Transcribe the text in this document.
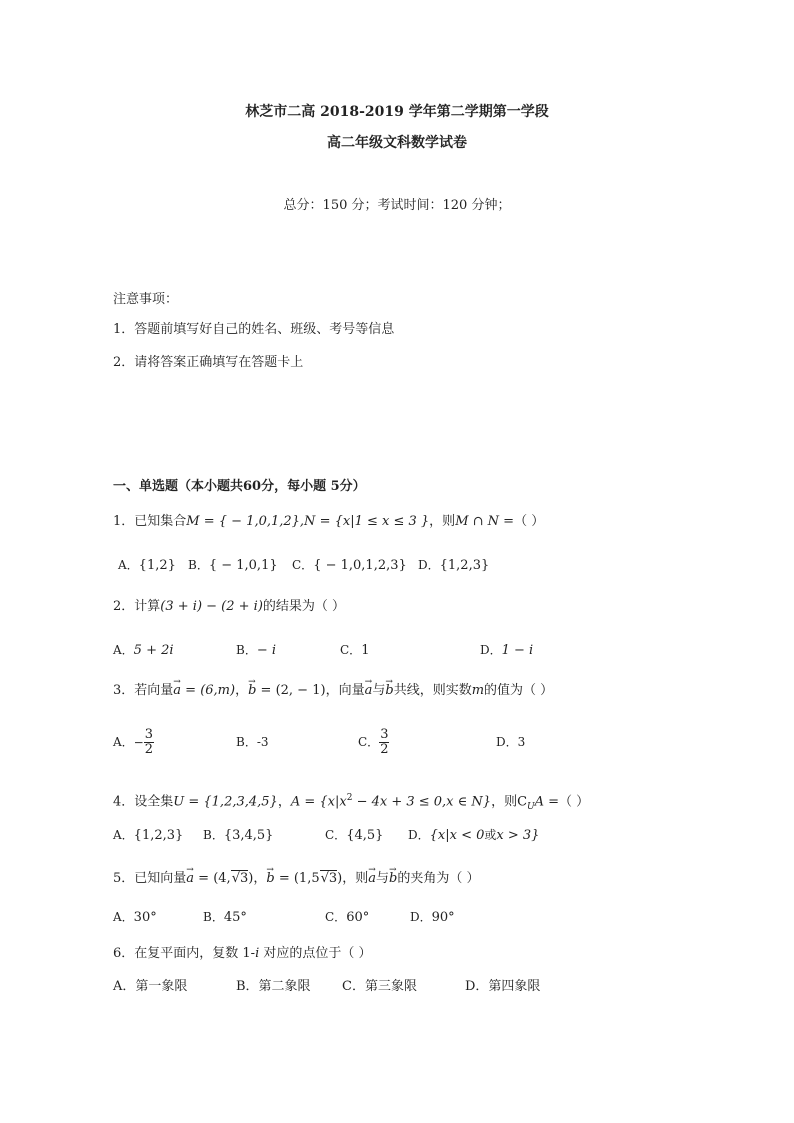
林芝市二高 2018-2019 学年第二学期第一学段
高二年级文科数学试卷
总分：150 分；考试时间：120 分钟；
注意事项：
1．答题前填写好自己的姓名、班级、考号等信息
2．请将答案正确填写在答题卡上
一、单选题（本小题共60分，每小题 5分）
1．已知集合M = { − 1,0,1,2},N = {x|1 ≤ x ≤ 3 }，则M ∩ N =（ ）
A．{1,2} B．{ − 1,0,1} C．{ − 1,0,1,2,3} D．{1,2,3}
2．计算(3 + i) − (2 + i)的结果为（ ）
A．5 + 2i	B．− i	C．1	D．1 − i
3．若向量→ a = (6,m)，→ b = (2, − 1)，向量→ a与→ b共线，则实数m的值为（ ）
A．− $\frac{3}{2}$	B．-3	C． $\frac{3}{2}$	D．3
4．设全集U = {1,2,3,4,5}，$A = \{x|x^2 - 4x + 3 \le 0,x$ ∈ N}，则$C_UA$ =（ ）
A．{1,2,3} B．{3,4,5}	C．{4,5} D．{x|x < 0或x > 3}
5．已知向量→ a = (4,√3)，→ b = (1,5√3)，则→ a与→ b的夹角为（ ）
A．30°	B．45°	C．60°	D．90°
6．在复平面内，复数 1-i 对应的点位于（ ）
A．第一象限	B．第二象限 C．第三象限	D．第四象限
